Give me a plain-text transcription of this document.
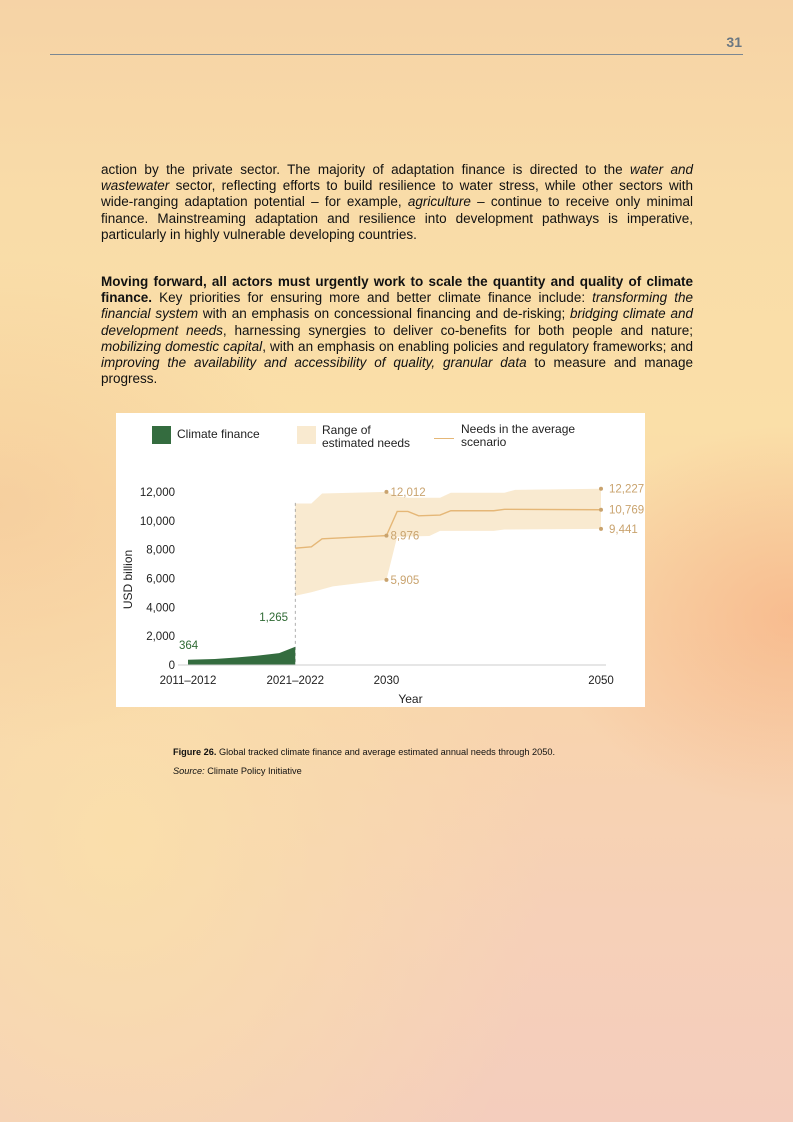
31

action by the private sector. The majority of adaptation finance is directed to the water and wastewater sector, reflecting efforts to build resilience to water stress, while other sectors with wide-ranging adaptation potential – for example, agriculture – continue to receive only minimal finance. Mainstreaming adaptation and resilience into development pathways is imperative, particularly in highly vulnerable developing countries.

Moving forward, all actors must urgently work to scale the quantity and quality of climate finance. Key priorities for ensuring more and better climate finance include: transforming the financial system with an emphasis on concessional financing and de-risking; bridging climate and development needs, harnessing synergies to deliver co-benefits for both people and nature; mobilizing domestic capital, with an emphasis on enabling policies and regulatory frameworks; and improving the availability and accessibility of quality, granular data to measure and manage progress.

0
2,000
4,000
6,000
8,000
10,000
12,000
2011–2012	2021–2022	2030	2050
Year
USD billion
364
1,265
12,012
8,976
5,905
12,227
10,769
9,441
Climate finance	Range of estimated needs
Needs in the average scenario
Figure 26. Global tracked climate finance and average estimated annual needs through 2050.
Source: Climate Policy Initiative
